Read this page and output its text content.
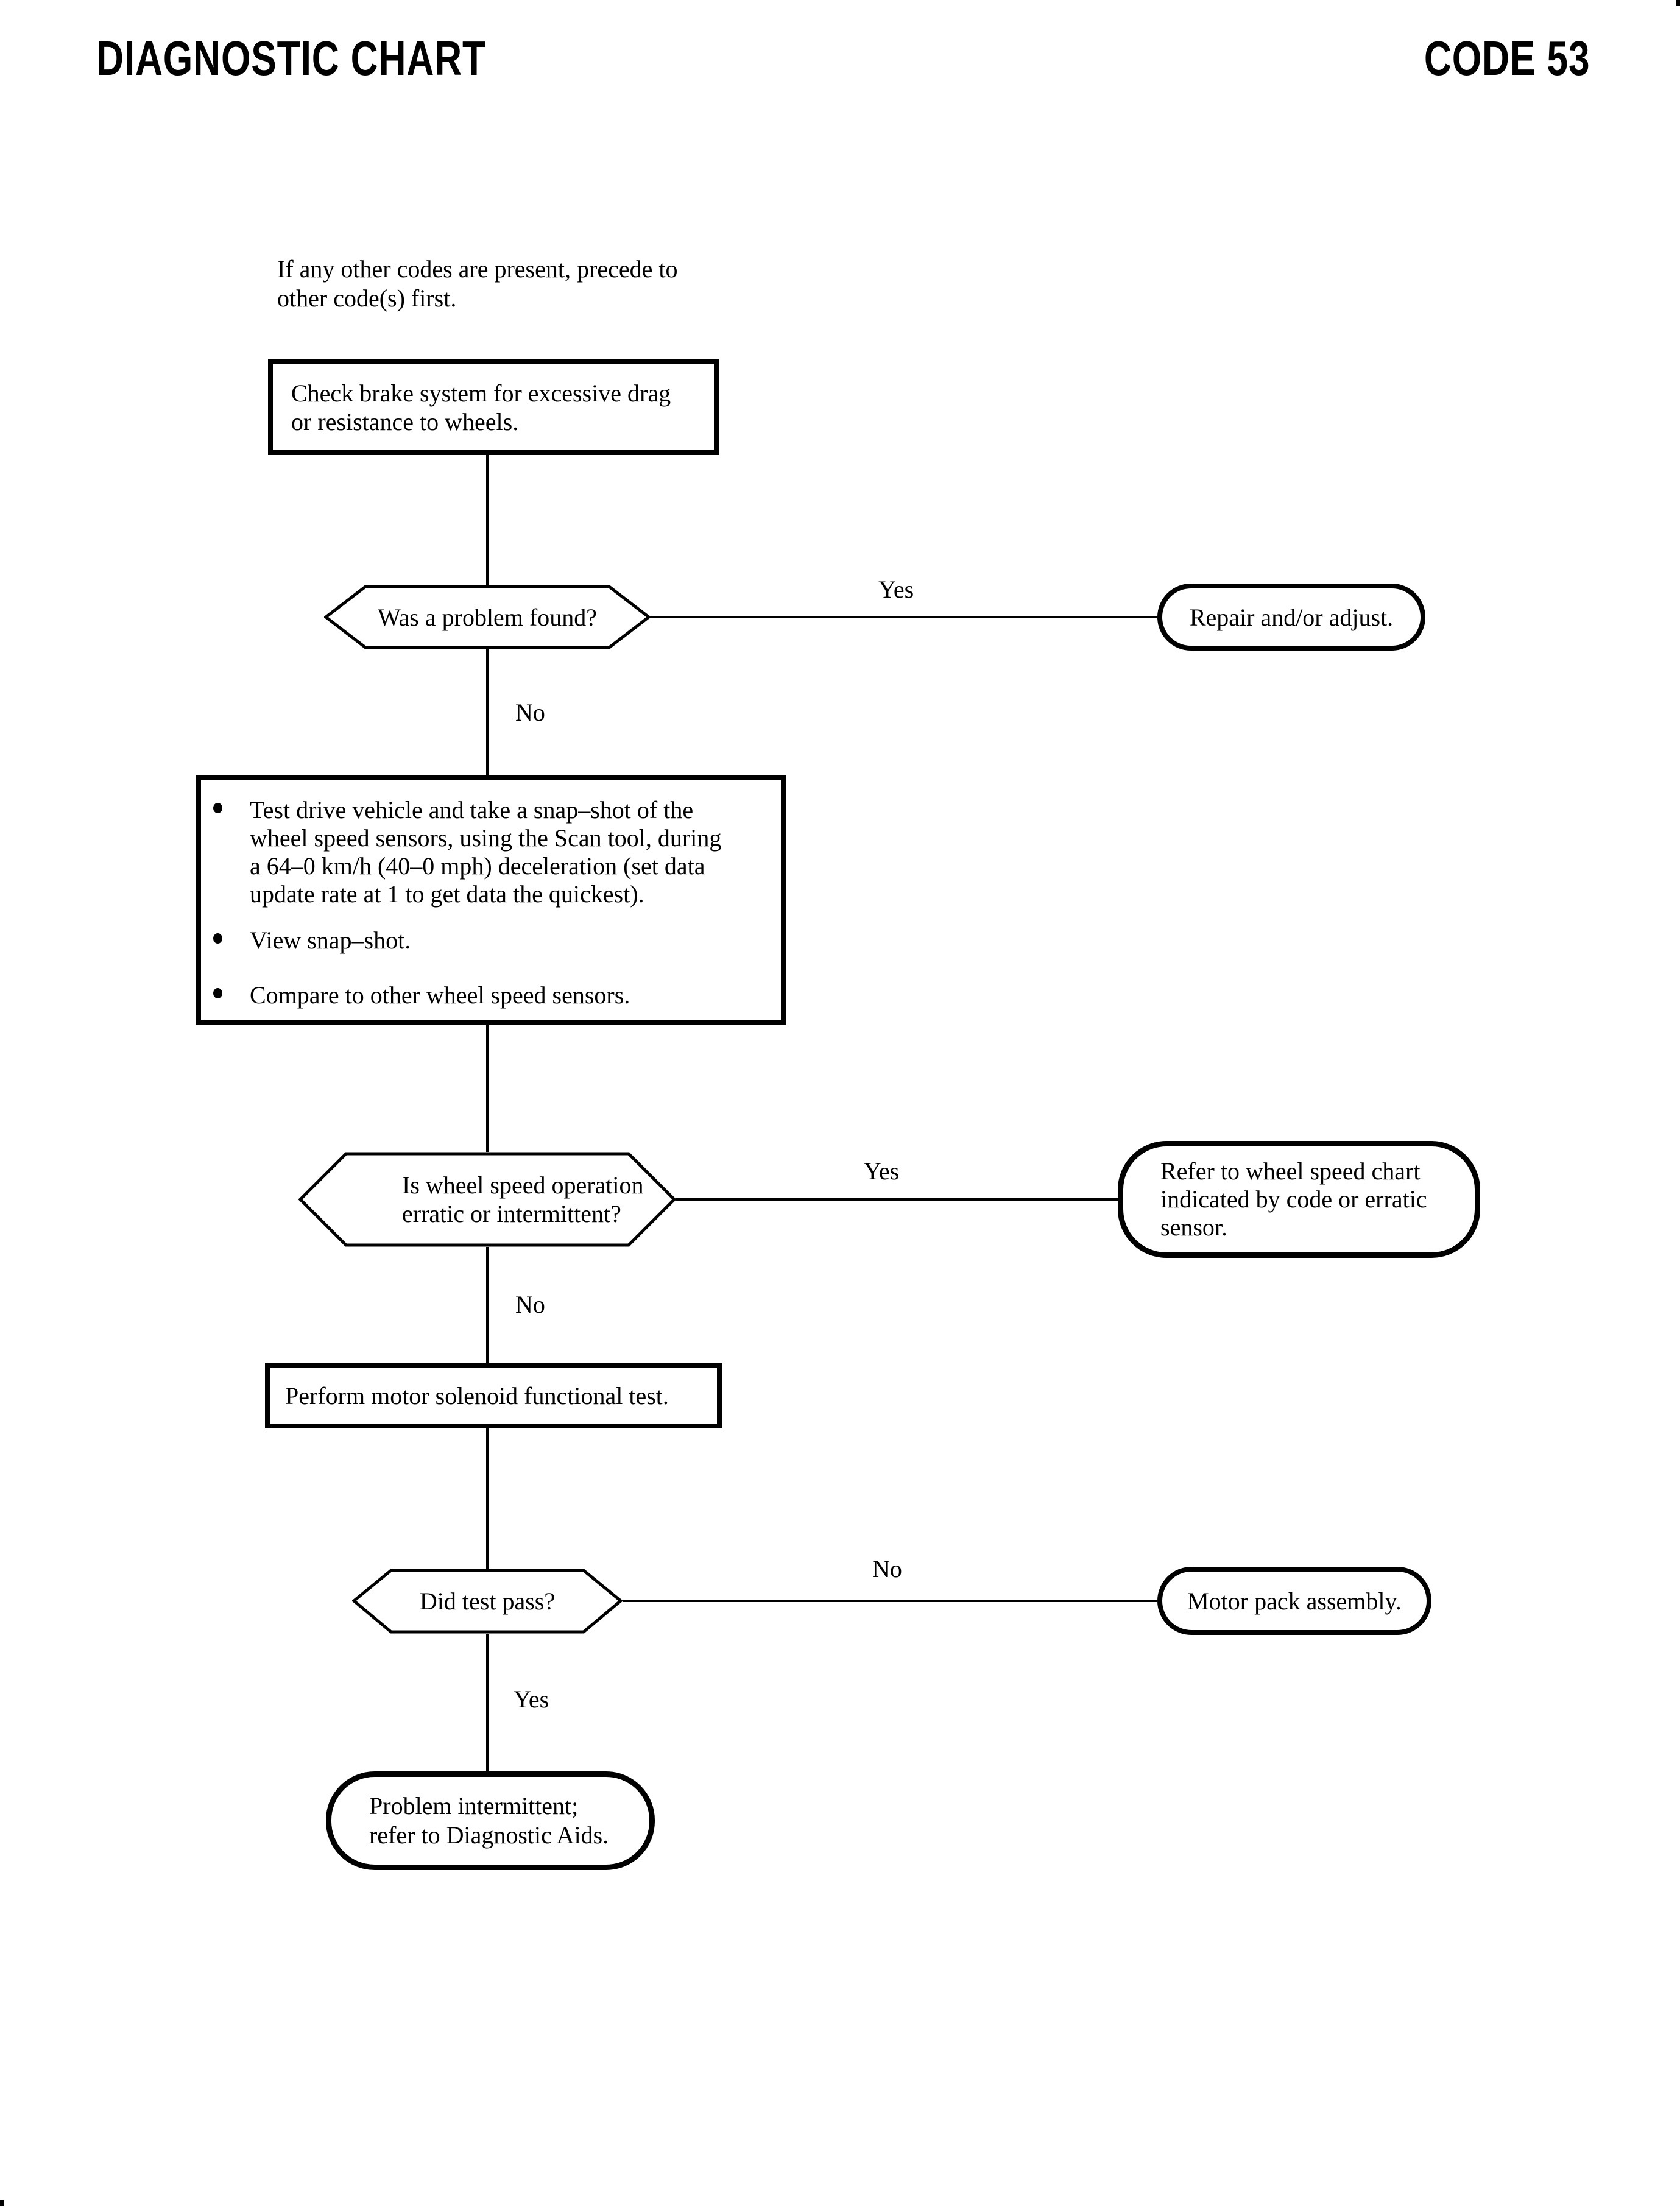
DIAGNOSTIC CHART	CODE 53
If any other codes are present, precede to
other code(s) first.
Check brake system for excessive drag
or resistance to wheels.
Was a problem found?
Yes
No
Repair and/or adjust.
Test drive vehicle and take a snap–shot of the
wheel speed sensors, using the Scan tool, during
a 64–0 km/h (40–0 mph) deceleration (set data
update rate at 1 to get data the quickest).
View snap–shot.
Compare to other wheel speed sensors.
Is wheel speed operation
erratic or intermittent?
Yes
No
Refer to wheel speed chart
indicated by code or erratic
sensor.
Perform motor solenoid functional test.
Did test pass?
No
Yes
Motor pack assembly.
Problem intermittent;
refer to Diagnostic Aids.
